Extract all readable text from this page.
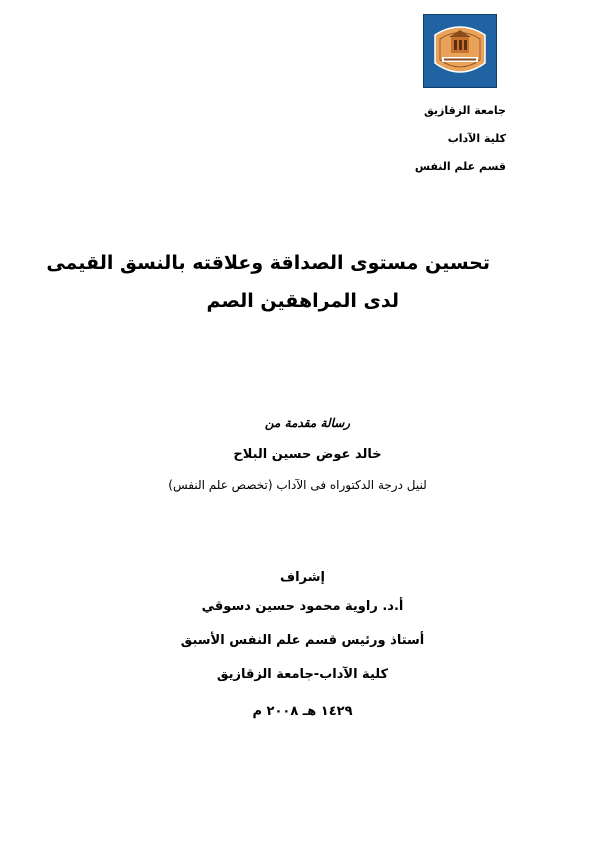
جامعة الزقازيق
كلية الآداب
قسم علم النفس
تحسين مستوى الصداقة وعلاقته بالنسق القيمى
لدى المراهقين الصم
رسالة مقدمة من
خالد عوض حسين البلاح
لنيل درجة الدكتوراه فى الآداب (تخصص علم النفس)
إشراف
أ.د. راوية محمود حسين دسوقي
أستاذ ورئيس قسم علم النفس الأسبق
كلية الآداب-جامعة الزقازيق
١٤٢٩ هـ ٢٠٠٨ م
